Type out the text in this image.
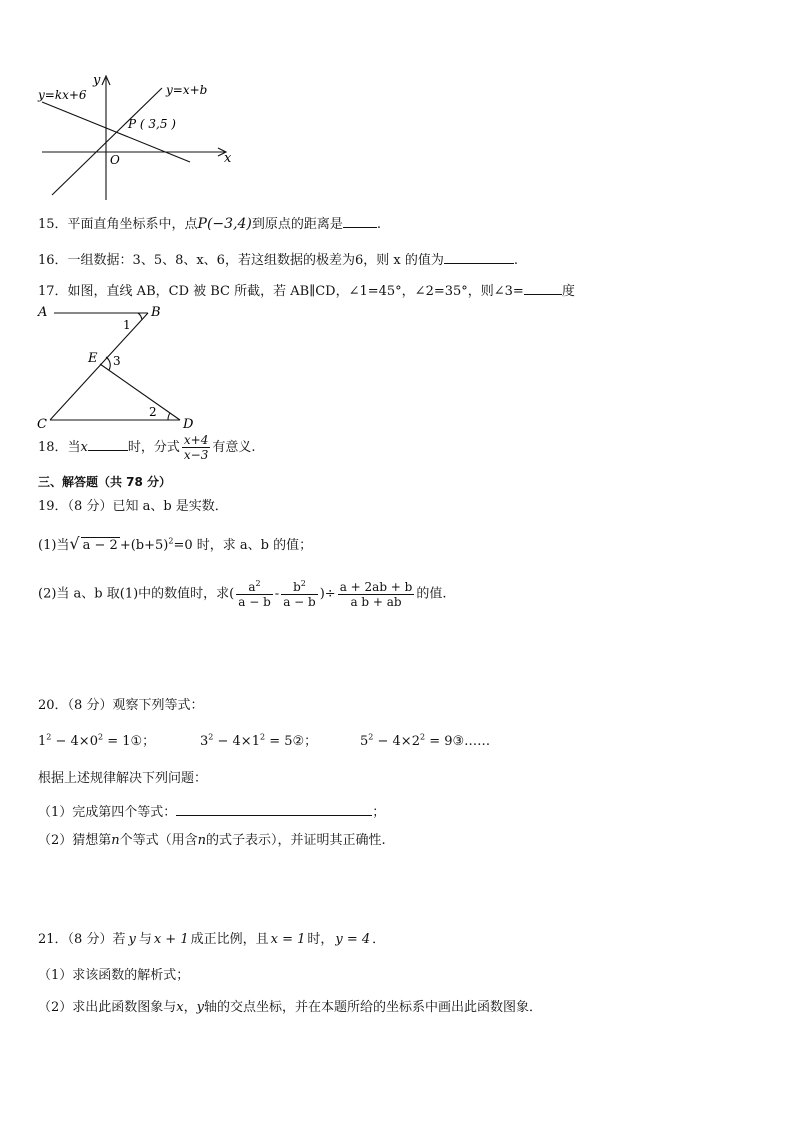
y
x
O
y=kx+6	y=x+b
P ( 3,5 )
15．平面直角坐标系中，点P(−3,4)到原点的距离是	.
16．一组数据：3、5、8、x、6，若这组数据的极差为6，则 x 的值为	.
17．如图，直线 AB，CD 被 BC 所截，若 AB∥CD，∠1=45°，∠2=35°，则∠3=	度
A	B
C	D
E
1
3
2
18．当x	时，分式 $\frac{x+4}{x-3}$ 有意义.
三、解答题（共 78 分）
19．（8 分）已知 a、b 是实数．
(1)当√ $a - 2 +(b+5)^2=0$ 时，求 a、b 的值；
(2)当 a、b 取(1)中的数值时，求( $\frac{a^2}{a - b} - \frac{b^2}{a - b}$ )÷ $\frac{a + 2ab + b}{\text{a b + ab}}$ 的值.
20．（8 分）观察下列等式：
$1^2 - 4\times 0^2$ = 1①；	$3^2 - 4\times 1^2$ = 5②；	$5^2 - 4\times 2^2$ = 9③……
根据上述规律解决下列问题：
（1）完成第四个等式：	；
（2）猜想第n个等式（用含n的式子表示），并证明其正确性.
21．（8 分）若 y 与 x + 1 成正比例，且 x = 1 时， y = 4 ．
（1）求该函数的解析式；
（2）求出此函数图象与x，y轴的交点坐标，并在本题所给的坐标系中画出此函数图象．
